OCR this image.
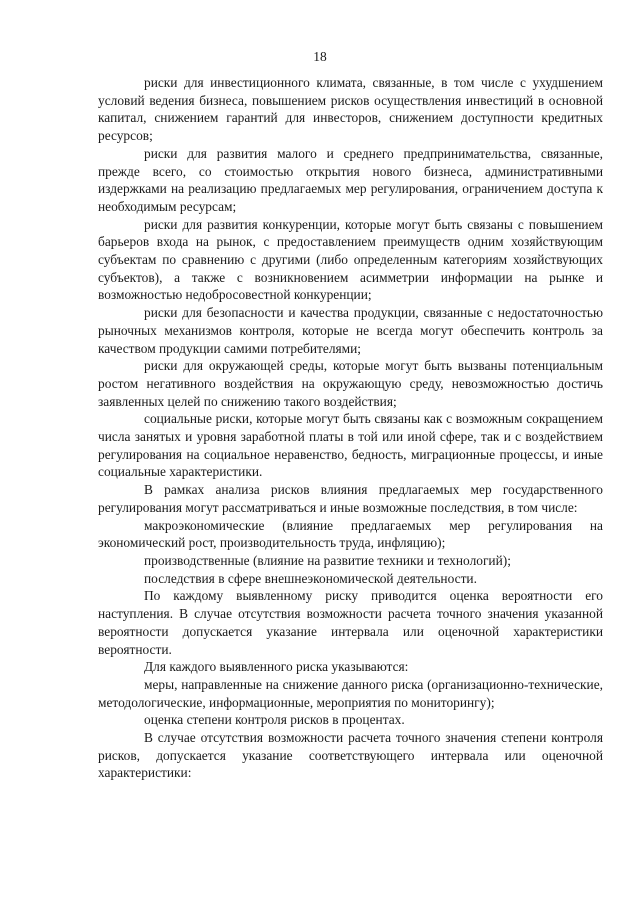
18

риски для инвестиционного климата, связанные, в том числе с ухудшением условий ведения бизнеса, повышением рисков осуществления инвестиций в основной капитал, снижением гарантий для инвесторов, снижением доступности кредитных ресурсов;

риски для развития малого и среднего предпринимательства, связанные, прежде всего, со стоимостью открытия нового бизнеса, административными издержками на реализацию предлагаемых мер регулирования, ограничением доступа к необходимым ресурсам;

риски для развития конкуренции, которые могут быть связаны с повышением барьеров входа на рынок, с предоставлением преимуществ одним хозяйствующим субъектам по сравнению с другими (либо определенным категориям хозяйствующих субъектов), а также с возникновением асимметрии информации на рынке и возможностью недобросовестной конкуренции;

риски для безопасности и качества продукции, связанные с недостаточностью рыночных механизмов контроля, которые не всегда могут обеспечить контроль за качеством продукции самими потребителями;

риски для окружающей среды, которые могут быть вызваны потенциальным ростом негативного воздействия на окружающую среду, невозможностью достичь заявленных целей по снижению такого воздействия;

социальные риски, которые могут быть связаны как с возможным сокращением числа занятых и уровня заработной платы в той или иной сфере, так и с воздействием регулирования на социальное неравенство, бедность, миграционные процессы, и иные социальные характеристики.

В рамках анализа рисков влияния предлагаемых мер государственного регулирования могут рассматриваться и иные возможные последствия, в том числе:

макроэкономические (влияние предлагаемых мер регулирования на экономический рост, производительность труда, инфляцию);

производственные (влияние на развитие техники и технологий);

последствия в сфере внешнеэкономической деятельности.

По каждому выявленному риску приводится оценка вероятности его наступления. В случае отсутствия возможности расчета точного значения указанной вероятности допускается указание интервала или оценочной характеристики вероятности.

Для каждого выявленного риска указываются:

меры, направленные на снижение данного риска (организационно-технические, методологические, информационные, мероприятия по мониторингу);

оценка степени контроля рисков в процентах.

В случае отсутствия возможности расчета точного значения степени контроля рисков, допускается указание соответствующего интервала или оценочной характеристики:
